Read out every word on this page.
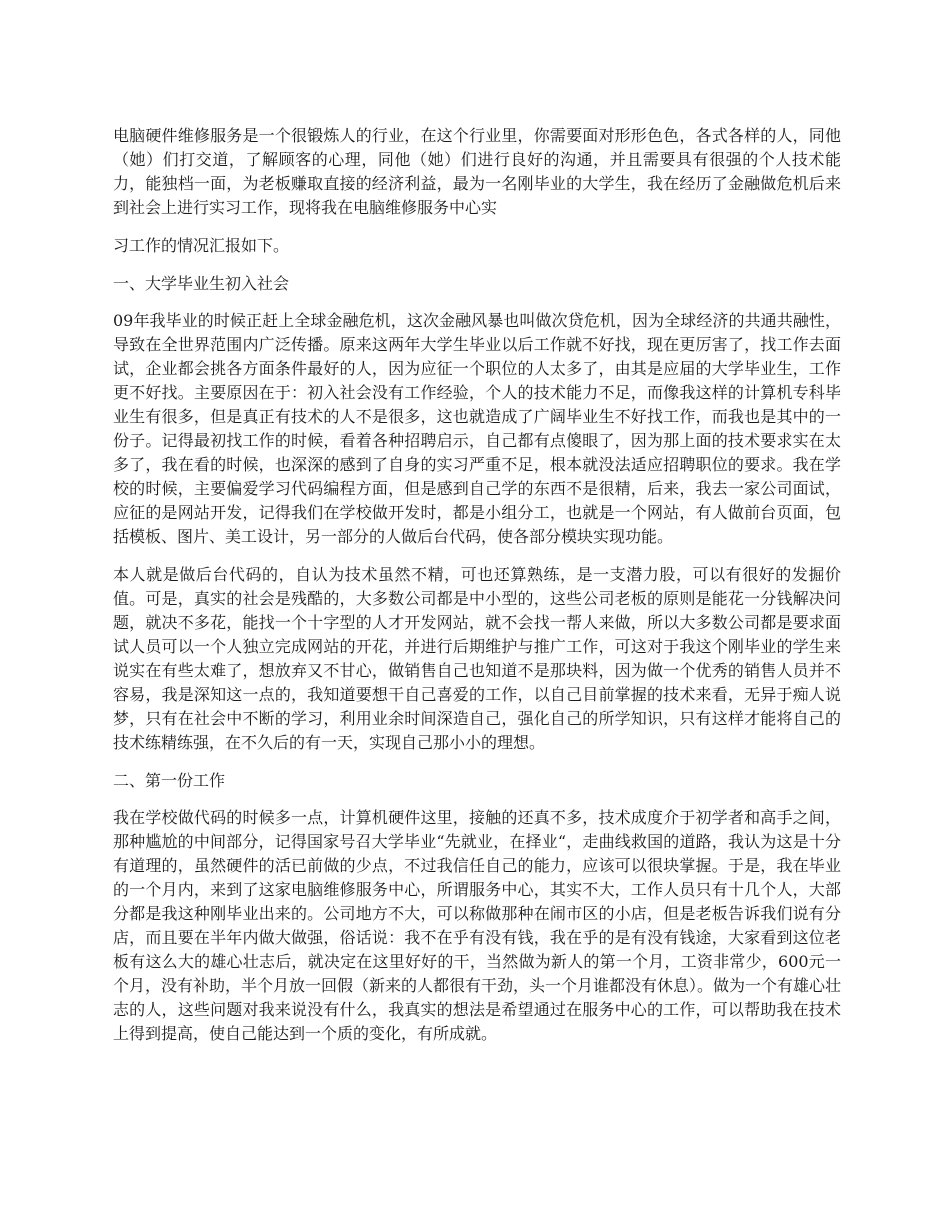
电脑硬件维修服务是一个很锻炼人的行业，在这个行业里，你需要面对形形色色，各式各样的人，同他（她）们打交道，了解顾客的心理，同他（她）们进行良好的沟通，并且需要具有很强的个人技术能力，能独档一面，为老板赚取直接的经济利益，最为一名刚毕业的大学生，我在经历了金融做危机后来到社会上进行实习工作，现将我在电脑维修服务中心实

习工作的情况汇报如下。

一、大学毕业生初入社会

09年我毕业的时候正赶上全球金融危机，这次金融风暴也叫做次贷危机，因为全球经济的共通共融性，导致在全世界范围内广泛传播。原来这两年大学生毕业以后工作就不好找，现在更厉害了，找工作去面试，企业都会挑各方面条件最好的人，因为应征一个职位的人太多了，由其是应届的大学毕业生，工作更不好找。主要原因在于：初入社会没有工作经验，个人的技术能力不足，而像我这样的计算机专科毕业生有很多，但是真正有技术的人不是很多，这也就造成了广阔毕业生不好找工作，而我也是其中的一份子。记得最初找工作的时候，看着各种招聘启示，自己都有点傻眼了，因为那上面的技术要求实在太多了，我在看的时候，也深深的感到了自身的实习严重不足，根本就没法适应招聘职位的要求。我在学校的时候，主要偏爱学习代码编程方面，但是感到自己学的东西不是很精，后来，我去一家公司面试，应征的是网站开发，记得我们在学校做开发时，都是小组分工，也就是一个网站，有人做前台页面，包括模板、图片、美工设计，另一部分的人做后台代码，使各部分模块实现功能。

本人就是做后台代码的，自认为技术虽然不精，可也还算熟练，是一支潜力股，可以有很好的发掘价值。可是，真实的社会是残酷的，大多数公司都是中小型的，这些公司老板的原则是能花一分钱解决问题，就决不多花，能找一个十字型的人才开发网站，就不会找一帮人来做，所以大多数公司都是要求面试人员可以一个人独立完成网站的开花，并进行后期维护与推广工作，可这对于我这个刚毕业的学生来说实在有些太难了，想放弃又不甘心，做销售自己也知道不是那块料，因为做一个优秀的销售人员并不容易，我是深知这一点的，我知道要想干自己喜爱的工作，以自己目前掌握的技术来看，无异于痴人说梦，只有在社会中不断的学习，利用业余时间深造自己，强化自己的所学知识，只有这样才能将自己的技术练精练强，在不久后的有一天，实现自己那小小的理想。

二、第一份工作

我在学校做代码的时候多一点，计算机硬件这里，接触的还真不多，技术成度介于初学者和高手之间，那种尴尬的中间部分，记得国家号召大学毕业“先就业，在择业“，走曲线救国的道路，我认为这是十分有道理的，虽然硬件的活已前做的少点，不过我信任自己的能力，应该可以很块掌握。于是，我在毕业的一个月内，来到了这家电脑维修服务中心，所谓服务中心，其实不大，工作人员只有十几个人，大部分都是我这种刚毕业出来的。公司地方不大，可以称做那种在闹市区的小店，但是老板告诉我们说有分店，而且要在半年内做大做强，俗话说：我不在乎有没有钱，我在乎的是有没有钱途，大家看到这位老板有这么大的雄心壮志后，就决定在这里好好的干，当然做为新人的第一个月，工资非常少，600元一个月，没有补助，半个月放一回假（新来的人都很有干劲，头一个月谁都没有休息）。做为一个有雄心壮志的人，这些问题对我来说没有什么，我真实的想法是希望通过在服务中心的工作，可以帮助我在技术上得到提高，使自己能达到一个质的变化，有所成就。
